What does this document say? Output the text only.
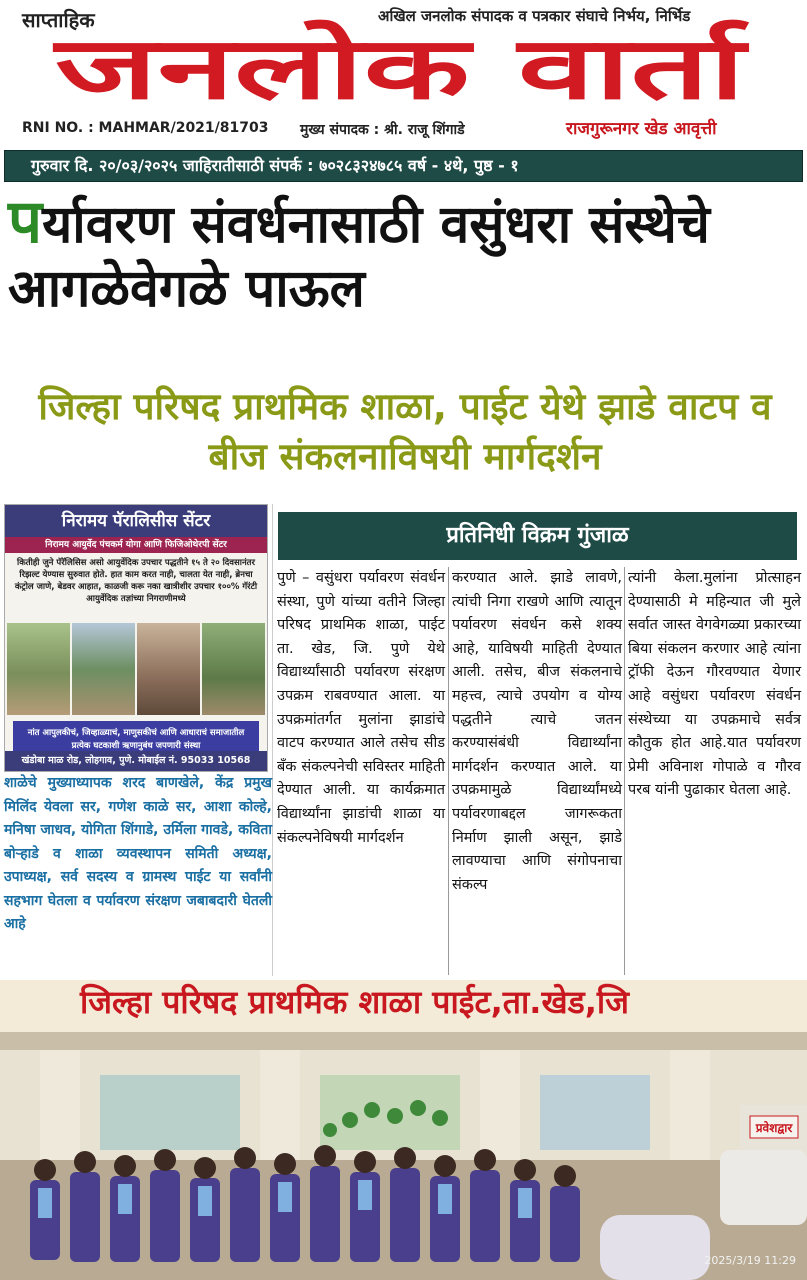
साप्ताहिक	अखिल जनलोक संपादक व पत्रकार संघाचे निर्भय, निर्भिड
जनलोक वार्ता
RNI NO. : MAHMAR/2021/81703 मुख्य संपादक : श्री. राजू शिंगाडे	राजगुरूनगर खेड आवृत्ती
गुरुवार दि. २०/०३/२०२५ जाहिरातीसाठी संपर्क : ७०२८३२४७८५ वर्ष - ४थे, पुष्ठ - १
पर्यावरण संवर्धनासाठी वसुंधरा संस्थेचे आगळेवेगळे पाऊल
जिल्हा परिषद प्राथमिक शाळा, पाईट येथे झाडे वाटप व बीज संकलनाविषयी मार्गदर्शन
निरामय पॅरालिसीस सेंटर
निरामय आयुर्वेद पंचकर्म योगा आणि फिजिओथेरपी सेंटर
कितीही जुने पॅरॅलिसिस असो आयुर्वेदिक उपचार पद्धतीने १५ ते २० दिवसानंतर रिझल्ट येण्यास सुरुवात होते. हात काम करत नाही, चालता येत नाही, ब्रेनचा कंट्रोल जाणे, बेडवर आहात, काळजी करू नका खात्रीशीर उपचार १००% गॅरंटी आयुर्वेदिक तज्ञांच्या निगराणीमध्ये
नांत आपुलकीचं, जिव्हाळ्याचं, माणुसकीचं आणि आधाराचं समाजातील प्रत्येक घटकाशी ऋणानुबंध जपणारी संस्था
खंडोबा माळ रोड, लोहगाव, पुणे. मोबाईल नं. 95033 10568
प्रतिनिधी विक्रम गुंजाळ
पुणे – वसुंधरा पर्यावरण संवर्धन संस्था, पुणे यांच्या वतीने जिल्हा परिषद प्राथमिक शाळा, पाईट ता. खेड, जि. पुणे येथे विद्यार्थ्यांसाठी पर्यावरण संरक्षण उपक्रम राबवण्यात आला. या उपक्रमांतर्गत मुलांना झाडांचे वाटप करण्यात आले तसेच सीड बँक संकल्पनेची सविस्तर माहिती देण्यात आली. या कार्यक्रमात विद्यार्थ्यांना झाडांची शाळा या संकल्पनेविषयी मार्गदर्शन
करण्यात आले. झाडे लावणे, त्यांची निगा राखणे आणि त्यातून पर्यावरण संवर्धन कसे शक्य आहे, याविषयी माहिती देण्यात आली. तसेच, बीज संकलनाचे महत्त्व, त्याचे उपयोग व योग्य पद्धतीने त्याचे जतन करण्यासंबंधी विद्यार्थ्यांना मार्गदर्शन करण्यात आले. या उपक्रमामुळे विद्यार्थ्यांमध्ये पर्यावरणाबद्दल जागरूकता निर्माण झाली असून, झाडे लावण्याचा आणि संगोपनाचा संकल्प
त्यांनी केला.मुलांना प्रोत्साहन देण्यासाठी मे महिन्यात जी मुले सर्वात जास्त वेगवेगळ्या प्रकारच्या बिया संकलन करणार आहे त्यांना ट्रॉफी देऊन गौरवण्यात येणार आहे वसुंधरा पर्यावरण संवर्धन संस्थेच्या या उपक्रमाचे सर्वत्र कौतुक होत आहे.यात पर्यावरण प्रेमी अविनाश गोपाळे व गौरव परब यांनी पुढाकार घेतला आहे.
शाळेचे मुख्याध्यापक शरद बाणखेले, केंद्र प्रमुख मिलिंद येवला सर, गणेश काळे सर, आशा कोल्हे, मनिषा जाधव, योगिता शिंगाडे, उर्मिला गावडे, कविता बोऱ्हाडे व शाळा व्यवस्थापन समिती अध्यक्ष, उपाध्यक्ष, सर्व सदस्य व ग्रामस्थ पाईट या सर्वांनी सहभाग घेतला व पर्यावरण संरक्षण जबाबदारी घेतली आहे
प्रवेशद्वार
2025/3/19 11:29
जिल्हा परिषद प्राथमिक शाळा पाईट,ता.खेड,जि
